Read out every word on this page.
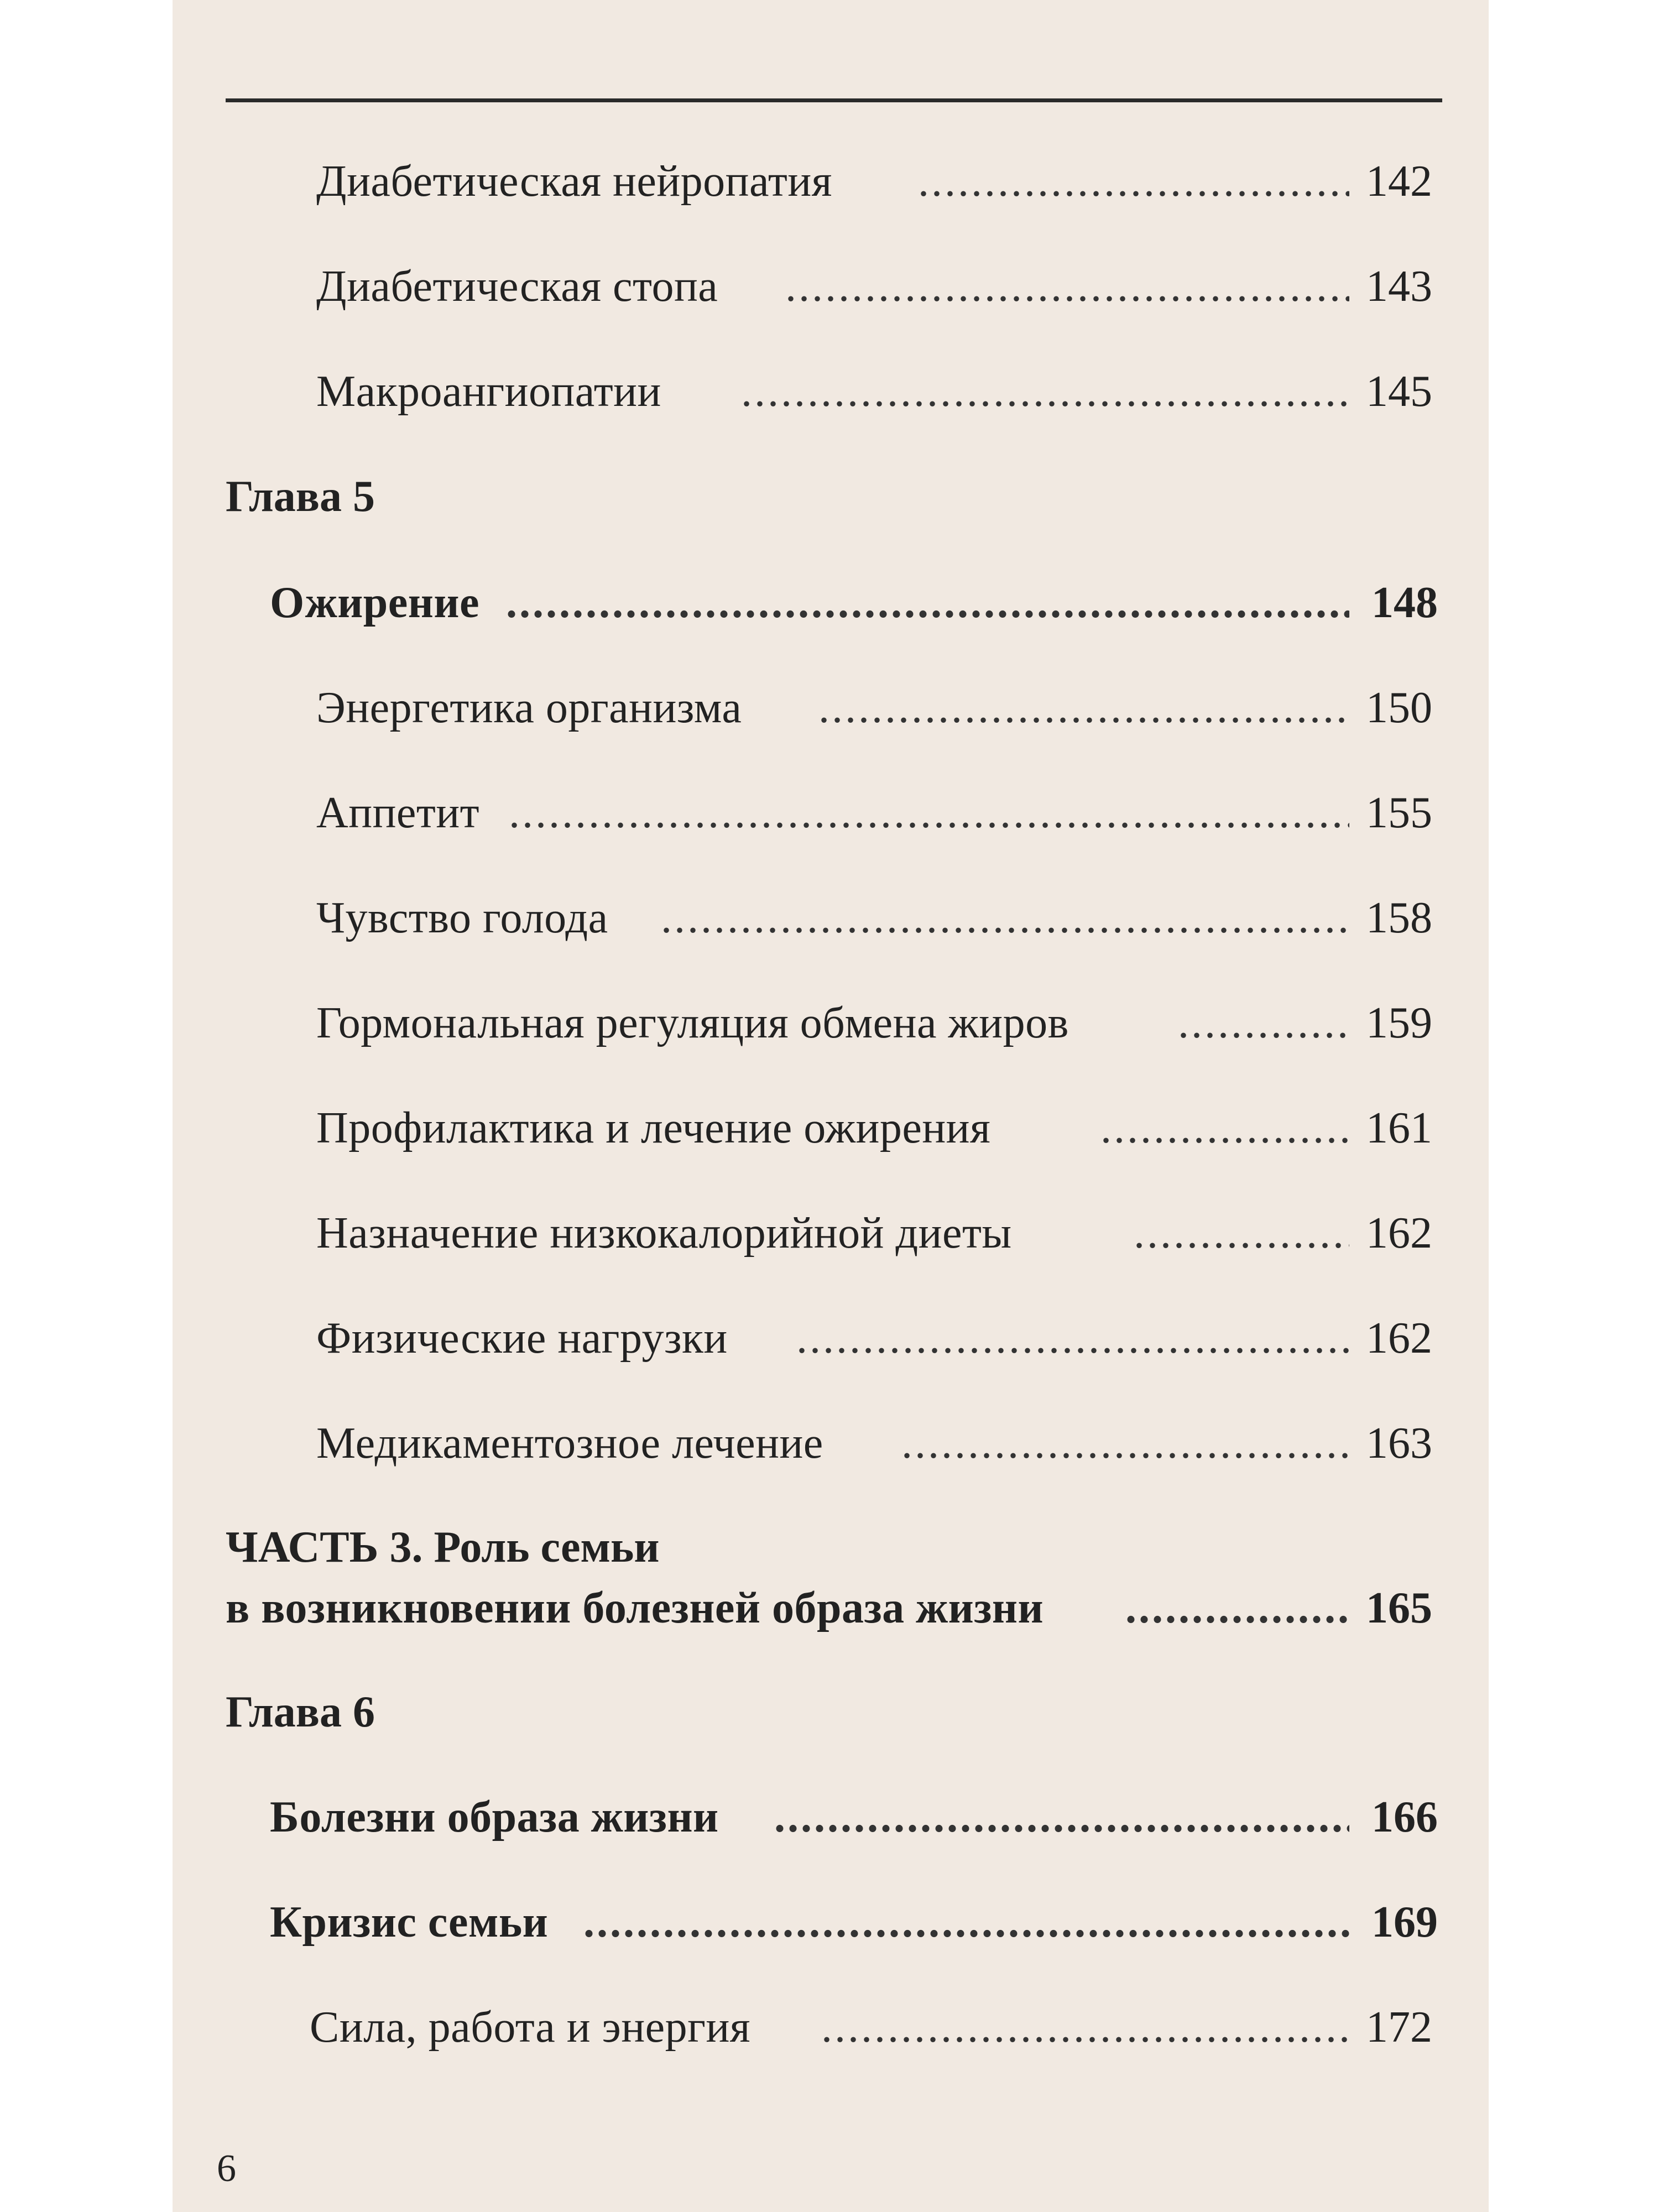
Диабетическая нейропатия . . .	142
Диабетическая стопа . . .	143
Макроангиопатии . . .	145
Глава 5
Ожирение . . .	148
Энергетика организма . . .	150
Аппетит . . .	155
Чувство голода . . .	158
Гормональная регуляция обмена жиров . . .	159
Профилактика и лечение ожирения . . .	161
Назначение низкокалорийной диеты . . .	162
Физические нагрузки . . .	162
Медикаментозное лечение . . .	163
ЧАСТЬ 3. Роль семьи
в возникновении болезней образа жизни . . .	165
Глава 6
Болезни образа жизни . . .	166
Кризис семьи . . .	169
Сила, работа и энергия . . .	172
6
